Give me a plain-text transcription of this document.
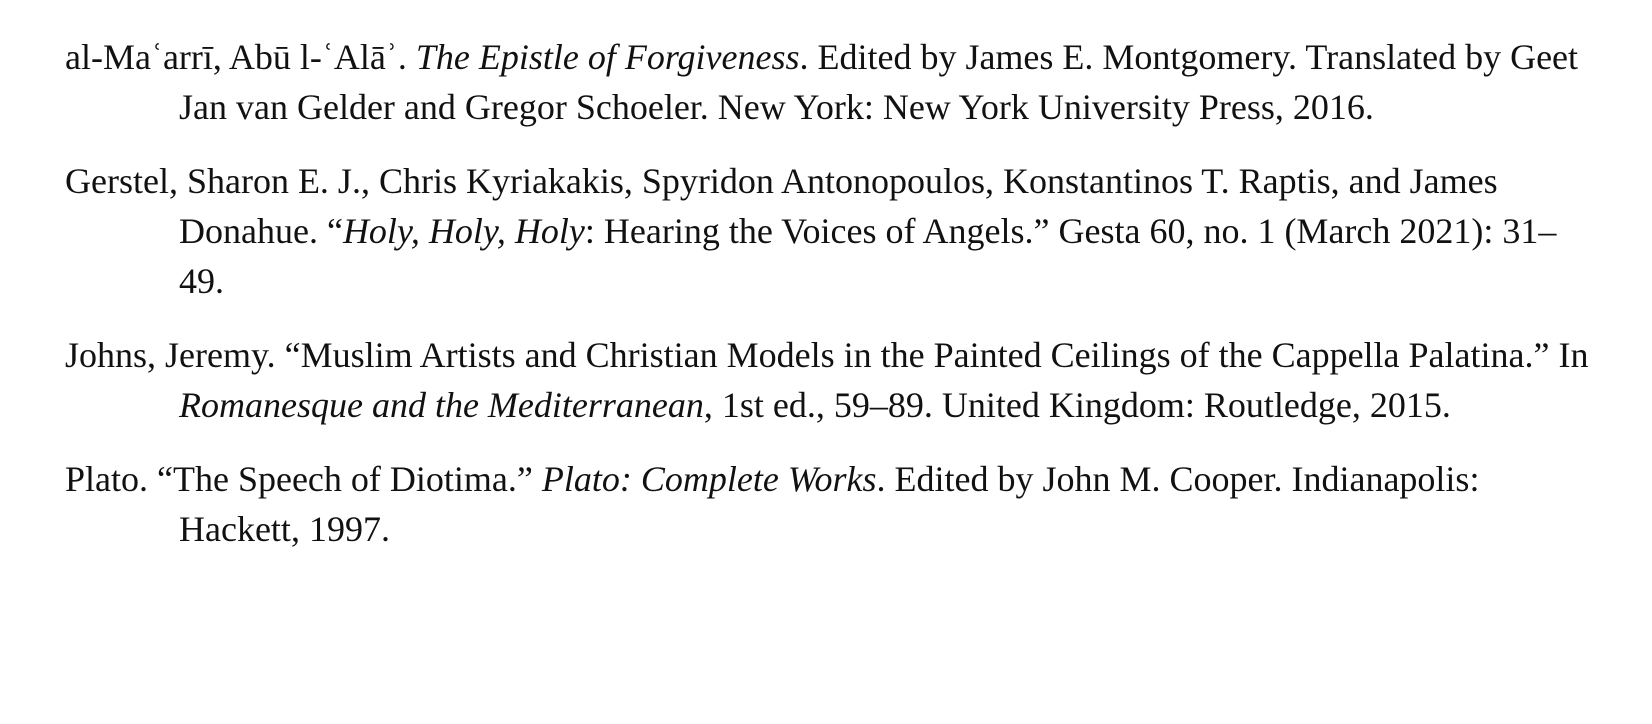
al-Maʿarrī, Abū l-ʿAlāʾ. The Epistle of Forgiveness. Edited by James E. Montgomery. Translated by Geet Jan van Gelder and Gregor Schoeler. New York: New York University Press, 2016.

Gerstel, Sharon E. J., Chris Kyriakakis, Spyridon Antonopoulos, Konstantinos T. Raptis, and James Donahue. “Holy, Holy, Holy: Hearing the Voices of Angels.” Gesta 60, no. 1 (March 2021): 31–49.

Johns, Jeremy. “Muslim Artists and Christian Models in the Painted Ceilings of the Cappella Palatina.” In Romanesque and the Mediterranean, 1st ed., 59–89. United Kingdom: Routledge, 2015.

Plato. “The Speech of Diotima.” Plato: Complete Works. Edited by John M. Cooper. Indianapolis: Hackett, 1997.
